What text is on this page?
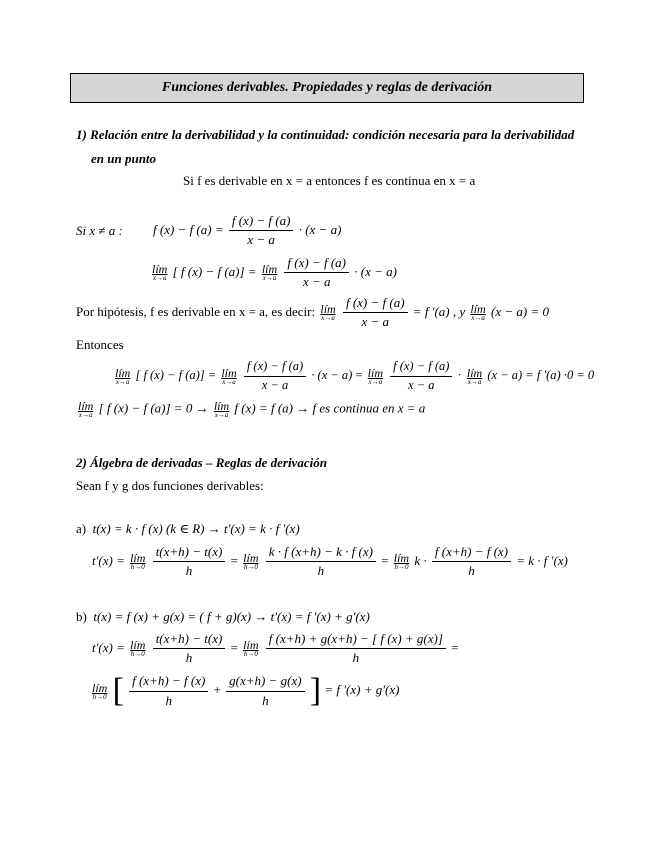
Funciones derivables. Propiedades y reglas de derivación
1) Relación entre la derivabilidad y la continuidad: condición necesaria para la derivabilidad
en un punto
Si f es derivable en x = a entonces f es continua en x = a
Si x ≠ a : f (x) − f $(a) = \frac{f (x) - f (a)}{x - a} \cdot (x - a)$
lím
x→a [ f (x) − f (a)] = lím
x→a
$\frac{f (x) - f (a)}{x - a} \cdot (x - a)$
Por hipótesis, f es derivable en x = a, es decir: lím
x→a
$\frac{f (x) - f (a)}{x - a} = f$ '(a) , y lím
x→a (x − a) = 0
Entonces
lím
x→a [ f (x) − f (a)] = lím
x→a
$\frac{f (x) - f (a)}{x - a} \cdot (x - a)$ = lím
x→a
$\frac{f (x) - f (a)}{x - a}$ · lím
x→a (x − a) = f '(a) ·0 = 0
lím
x→a [ f (x) − f (a)] = 0 → lím
x→a f (x) = f (a) → f es continua en x = a
2) Álgebra de derivadas – Reglas de derivación
Sean f y g dos funciones derivables:
a) t(x) = k · f (x) (k ∈ R) → t'(x) = k · f '(x)
t'(x) = lím
h→0
$\frac{t(x+h) - t(x)}{h}$ = lím
h→0
$\frac{k \cdot f (x+h) - k \cdot f (x)}{h}$ = lím
h→0 $k \cdot \frac{f (x+h) - f (x)}{h} = k \cdot f$ '(x)
b) t(x) = f (x) + g(x) = ( f + g)(x) → t'(x) = f '(x) + g'(x)
t'(x) = lím
h→0
$\frac{t(x+h) - t(x)}{h}$ = lím
h→0
$\frac{f (x+h) + g(x+h) - [ f (x) + g(x)]}{h}$ =
lím
h→0 [ $\frac{f (x+h) - f (x)}{h} + \frac{g(x+h) - g(x)}{h}$ ] = f '(x) + g'(x)
